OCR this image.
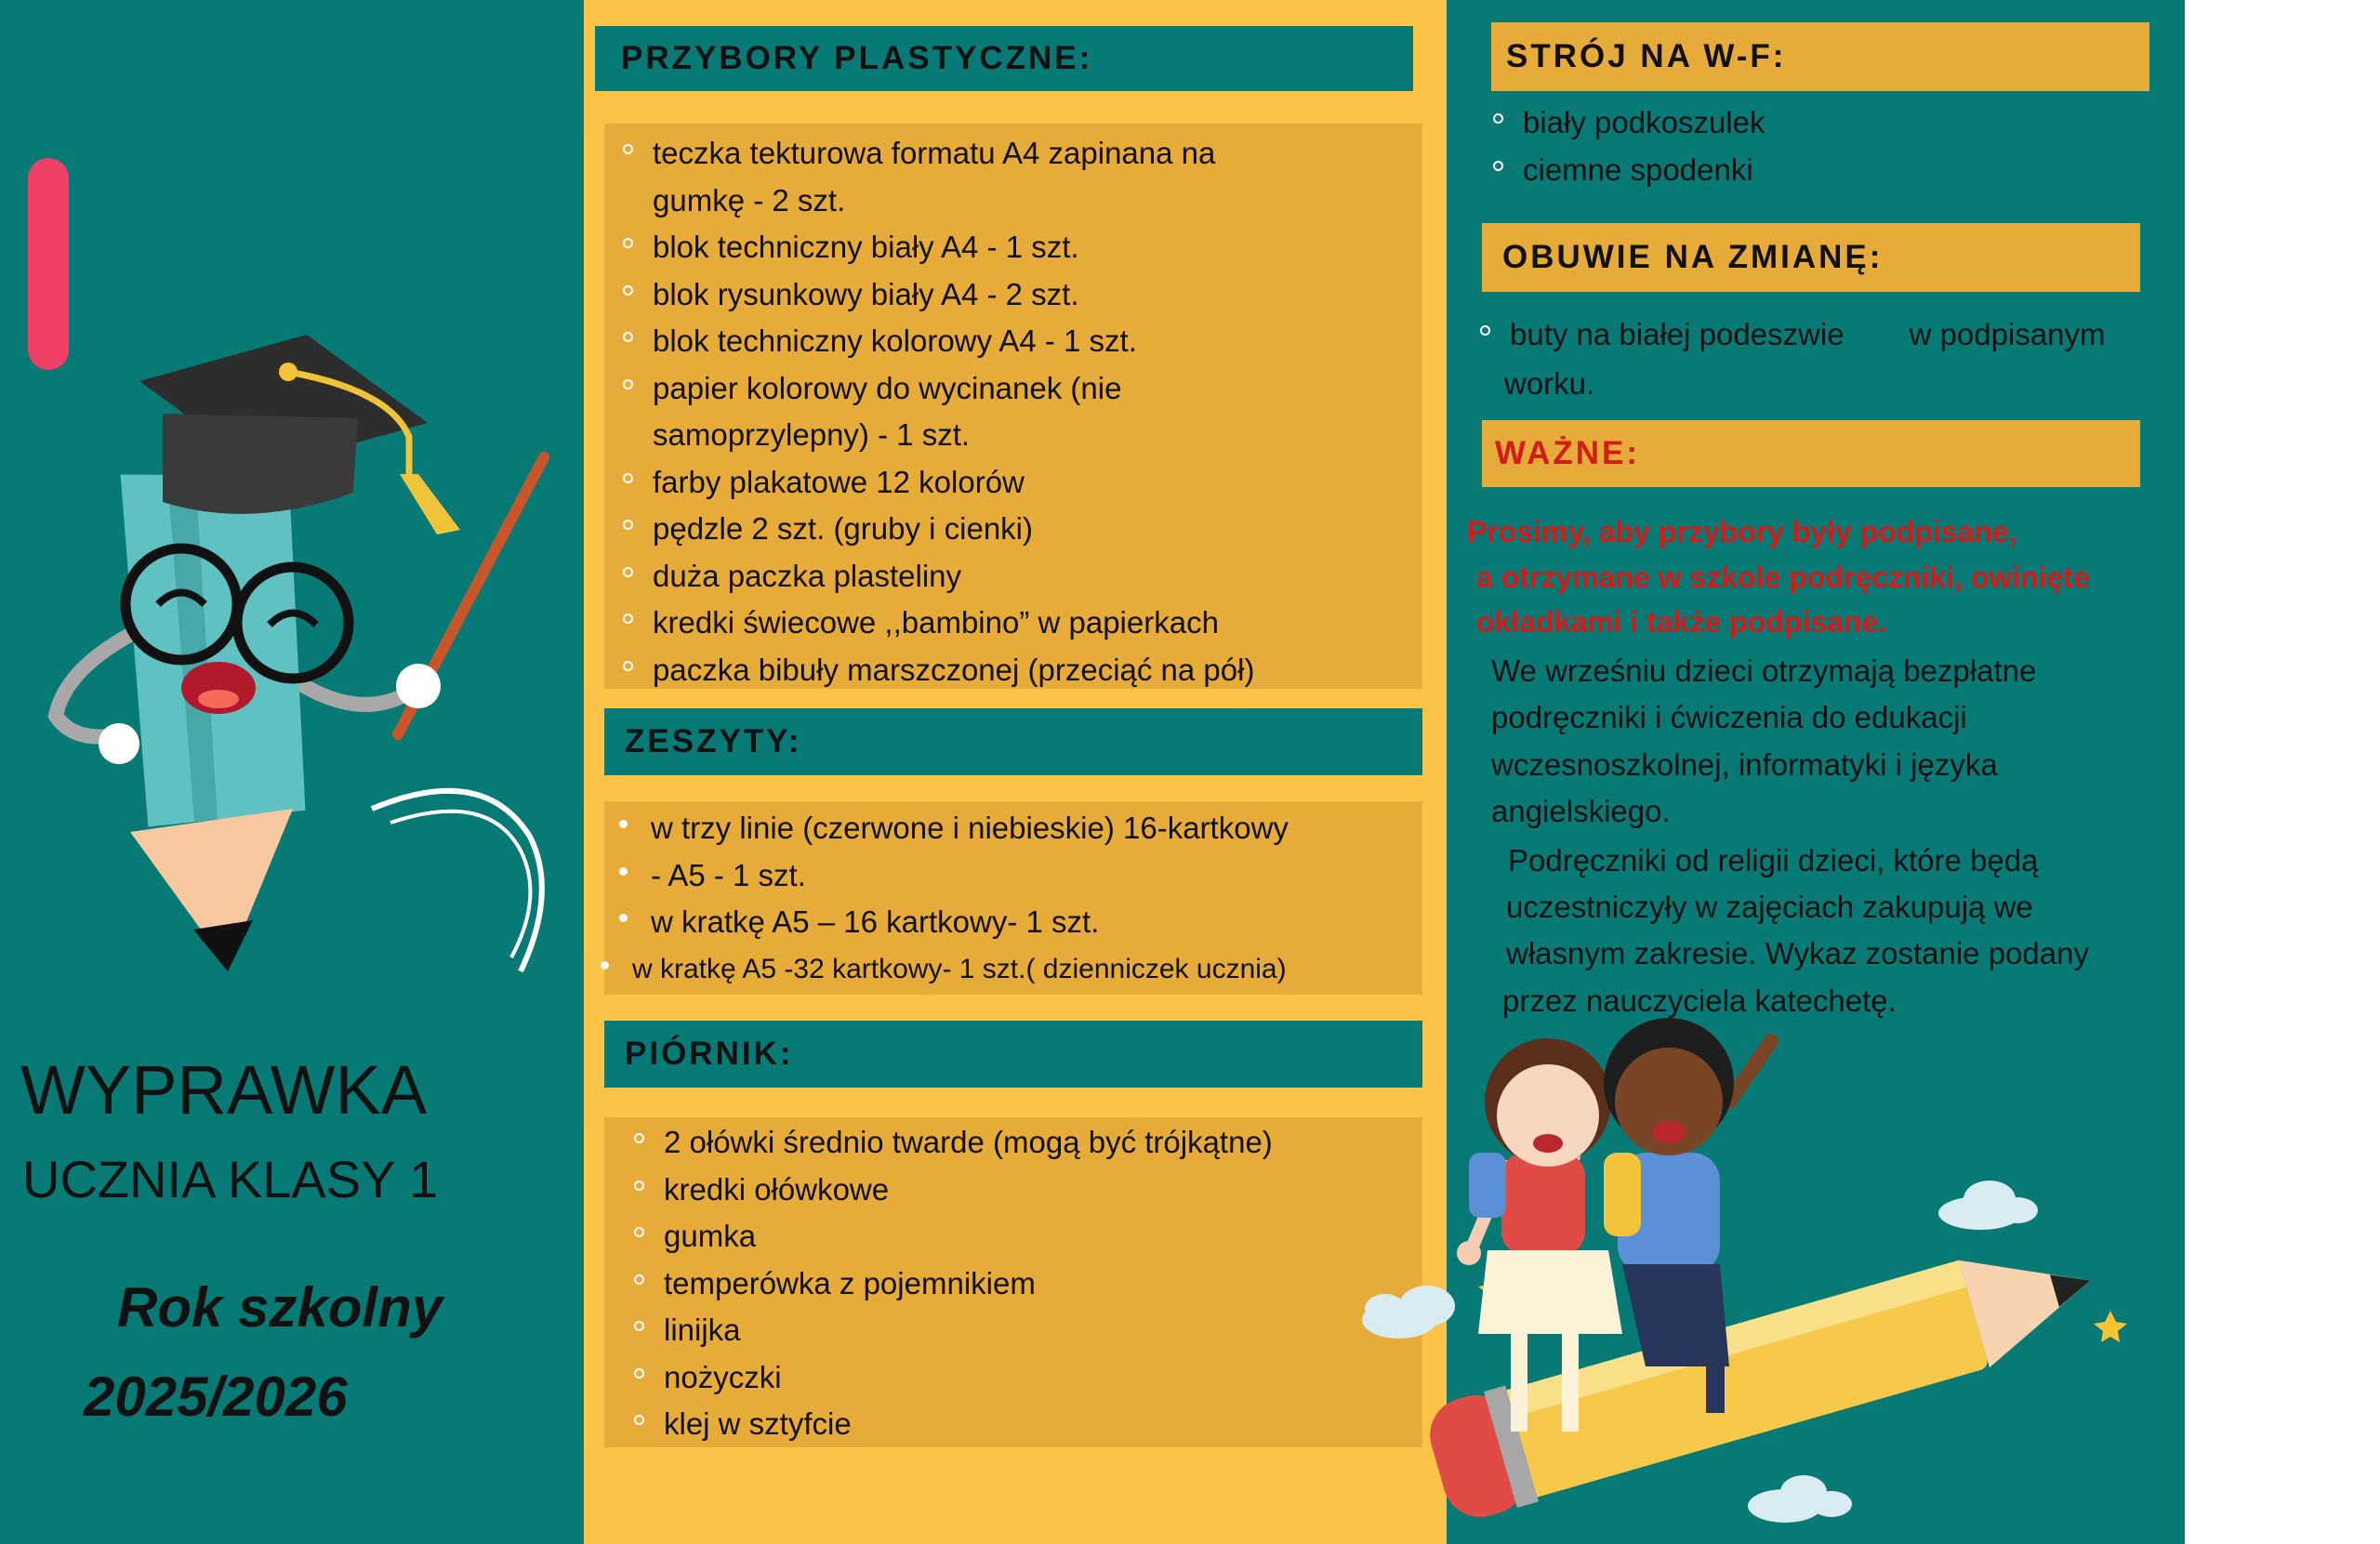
WYPRAWKA
UCZNIA KLASY 1
Rok szkolny
2025/2026
PRZYBORY PLASTYCZNE:
teczka tekturowa formatu A4 zapinana na
gumkę - 2 szt.
blok techniczny biały A4 - 1 szt.
blok rysunkowy biały A4 - 2 szt.
blok techniczny kolorowy A4 - 1 szt.
papier kolorowy do wycinanek (nie
samoprzylepny) - 1 szt.
farby plakatowe 12 kolorów
pędzle 2 szt. (gruby i cienki)
duża paczka plasteliny
kredki świecowe ,,bambino” w papierkach
paczka bibuły marszczonej (przeciąć na pół)
ZESZYTY:
w trzy linie (czerwone i niebieskie) 16-kartkowy
- A5 - 1 szt.
w kratkę A5 – 16 kartkowy- 1 szt.
w kratkę A5 -32 kartkowy- 1 szt.( dzienniczek ucznia)
PIÓRNIK:
2 ołówki średnio twarde (mogą być trójkątne)
kredki ołówkowe
gumka
temperówka z pojemnikiem
linijka
nożyczki
klej w sztyfcie
STRÓJ NA W-F:
biały podkoszulek
ciemne spodenki
OBUWIE NA ZMIANĘ:
buty na białej podeszwie w podpisanym
worku.
WAŻNE:
Prosimy, aby przybory były podpisane,
a otrzymane w szkole podręczniki, owinięte
okładkami i także podpisane.
We wrześniu dzieci otrzymają bezpłatne
podręczniki i ćwiczenia do edukacji
wczesnoszkolnej, informatyki i języka
angielskiego.
Podręczniki od religii dzieci, które będą
uczestniczyły w zajęciach zakupują we
własnym zakresie. Wykaz zostanie podany
przez nauczyciela katechetę.
